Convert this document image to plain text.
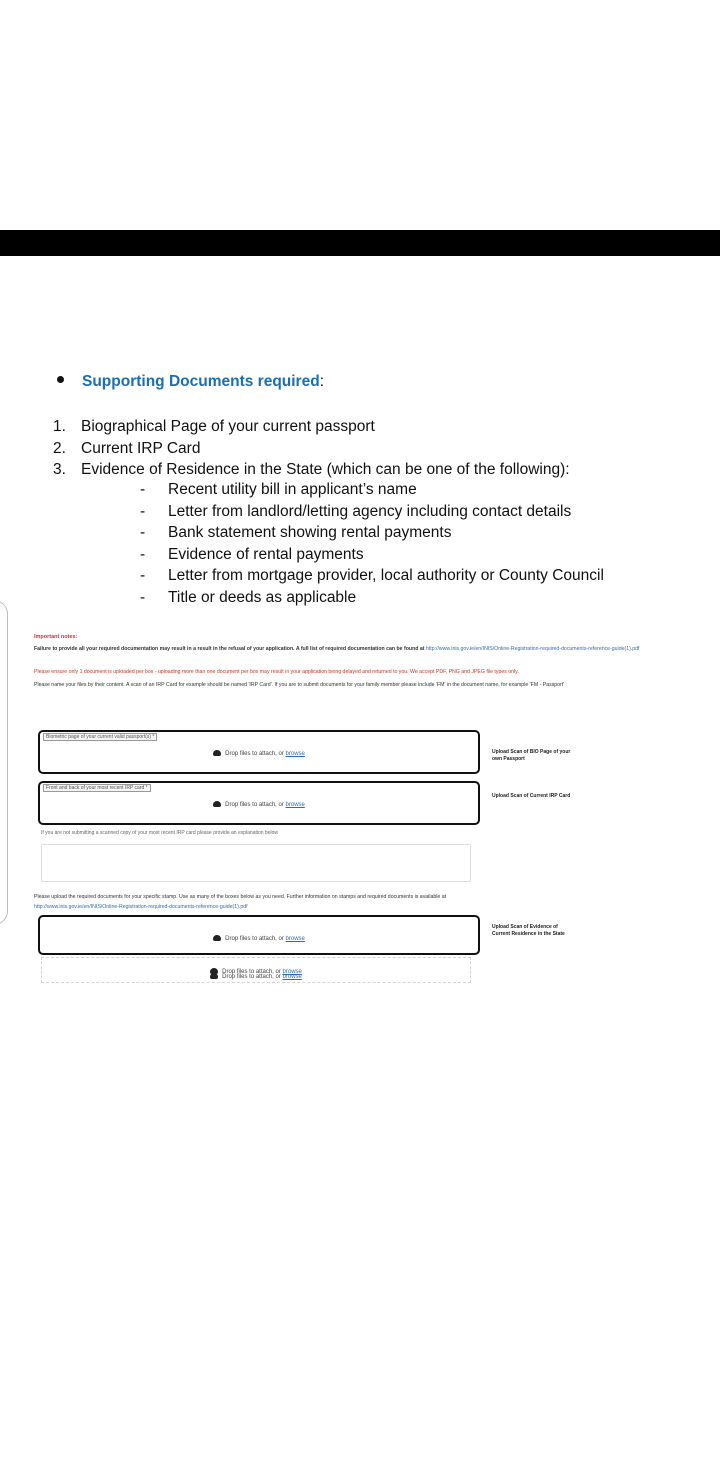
Supporting Documents required :
1. Biographical Page of your current passport
2. Current IRP Card
3. Evidence of Residence in the State (which can be one of the following):
-	Recent utility bill in applicant’s name
-	Letter from landlord/letting agency including contact details
-	Bank statement showing rental payments
-	Evidence of rental payments
-	Letter from mortgage provider, local authority or County Council
-	Title or deeds as applicable
Important notes:
Failure to provide all your required documentation may result in a result in the refusal of your application. A full list of required documentation can be found at http://www.inis.gov.ie/en/INIS/Online-Registration-required-documents-reference-guide(1).pdf
Please ensure only 1 document is uploaded per box - uploading more than one document per box may result in your application being delayed and returned to you. We accept PDF, PNG and JPEG file types only.
Please name your files by their content. A scan of an IRP Card for example should be named 'IRP Card'. If you are to submit documents for your family member please include 'FM' in the document name, for example 'FM - Passport'
Biometric page of your current valid passport(s) *
Drop files to attach, or browse	Upload Scan of BIO Page of your own Passport
Front and back of your most recent IRP card *
Drop files to attach, or browse
Upload Scan of Current IRP Card
If you are not submitting a scanned copy of your most recent IRP card please provide an explanation below
Please upload the required documents for your specific stamp. Use as many of the boxes below as you need. Further information on stamps and required documents is available at
http://www.inis.gov.ie/en/INIS/Online-Registration-required-documents-reference-guide(1).pdf
Drop files to attach, or browse
Upload Scan of Evidence of Current Residence in the State
Drop files to attach, or browse
Drop files to attach, or browse
